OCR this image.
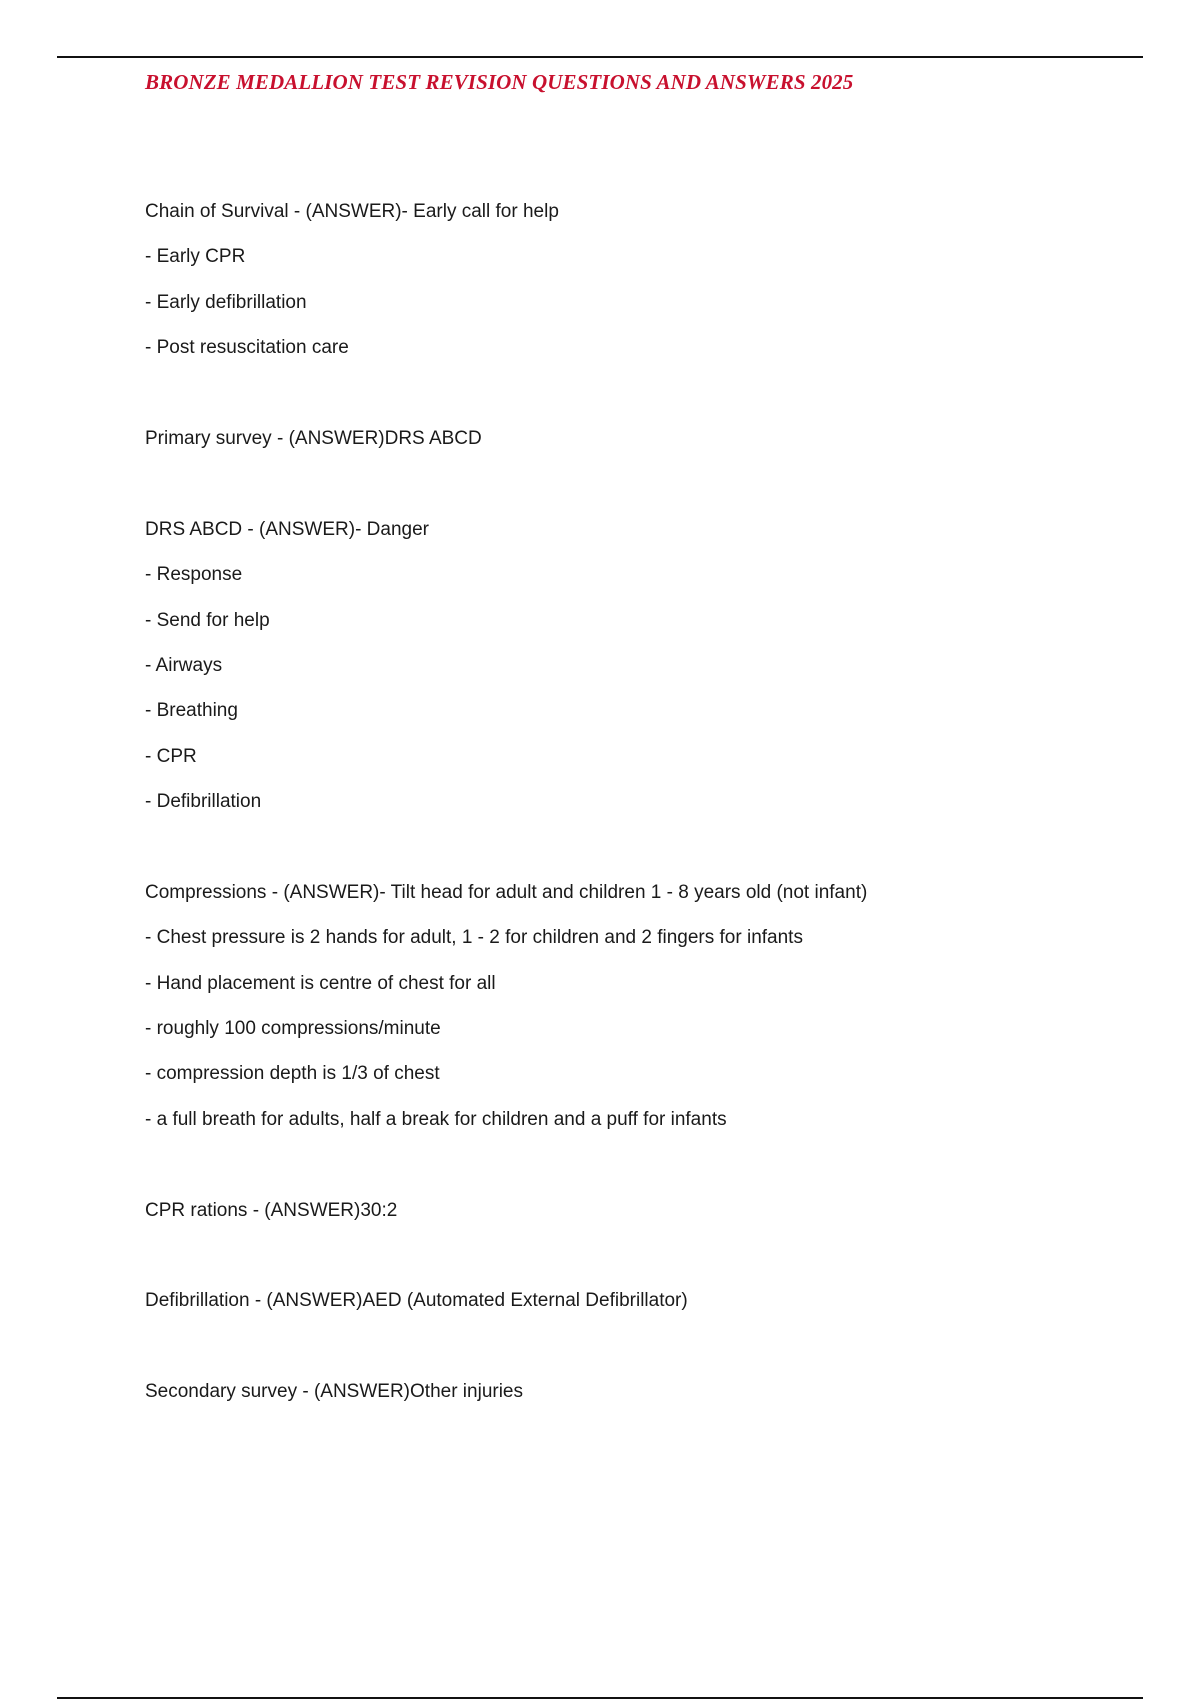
BRONZE MEDALLION TEST REVISION QUESTIONS AND ANSWERS 2025
Chain of Survival - (ANSWER)- Early call for help
- Early CPR
- Early defibrillation
- Post resuscitation care
Primary survey - (ANSWER)DRS ABCD
DRS ABCD - (ANSWER)- Danger
- Response
- Send for help
- Airways
- Breathing
- CPR
- Defibrillation
Compressions - (ANSWER)- Tilt head for adult and children 1 - 8 years old (not infant)
- Chest pressure is 2 hands for adult, 1 - 2 for children and 2 fingers for infants
- Hand placement is centre of chest for all
- roughly 100 compressions/minute
- compression depth is 1/3 of chest
- a full breath for adults, half a break for children and a puff for infants
CPR rations - (ANSWER)30:2
Defibrillation - (ANSWER)AED (Automated External Defibrillator)
Secondary survey - (ANSWER)Other injuries
